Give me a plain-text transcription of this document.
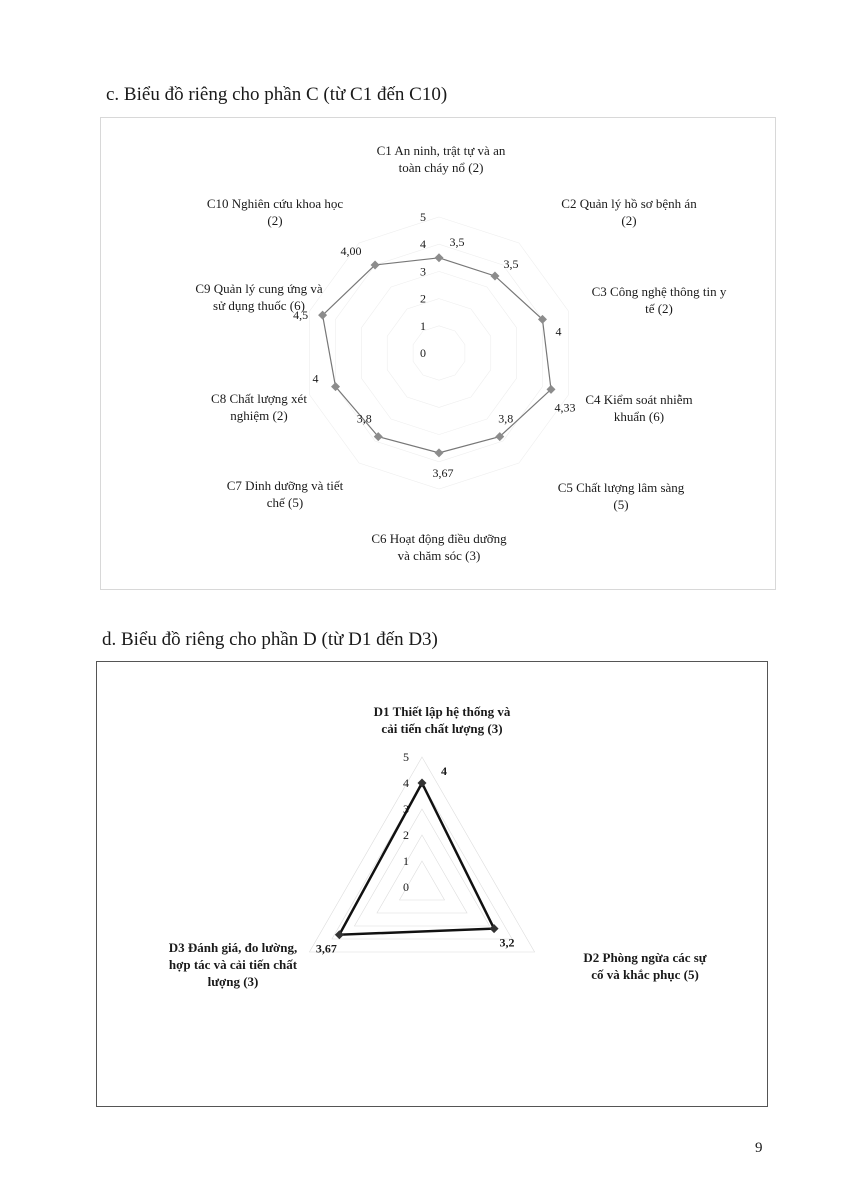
c. Biểu đồ riêng cho phần C (từ C1 đến C10)
0
1
2
3
4
5
3,5
3,5
4
4,33
3,8
3,67
3,8
4
4,5
4,00
C1 An ninh, trật tự và an
toàn cháy nổ (2)
C2 Quản lý hồ sơ bệnh án
(2)
C3 Công nghệ thông tin y
tế (2)
C4 Kiểm soát nhiễm
khuẩn (6)
C5 Chất lượng lâm sàng
(5)
C6 Hoạt động điều dưỡng
và chăm sóc (3)
C7 Dinh dưỡng và tiết
chế (5)
C8 Chất lượng xét
nghiệm (2)
C9 Quản lý cung ứng và
sử dụng thuốc (6)
C10 Nghiên cứu khoa học
(2)
d. Biểu đồ riêng cho phần D (từ D1 đến D3)
0
1
2
3
4
5
4
3,2
3,67
D1 Thiết lập hệ thống và
cải tiến chất lượng (3)
D2 Phòng ngừa các sự
cố và khắc phục (5)
D3 Đánh giá, đo lường,
hợp tác và cải tiến chất
lượng (3)
9
